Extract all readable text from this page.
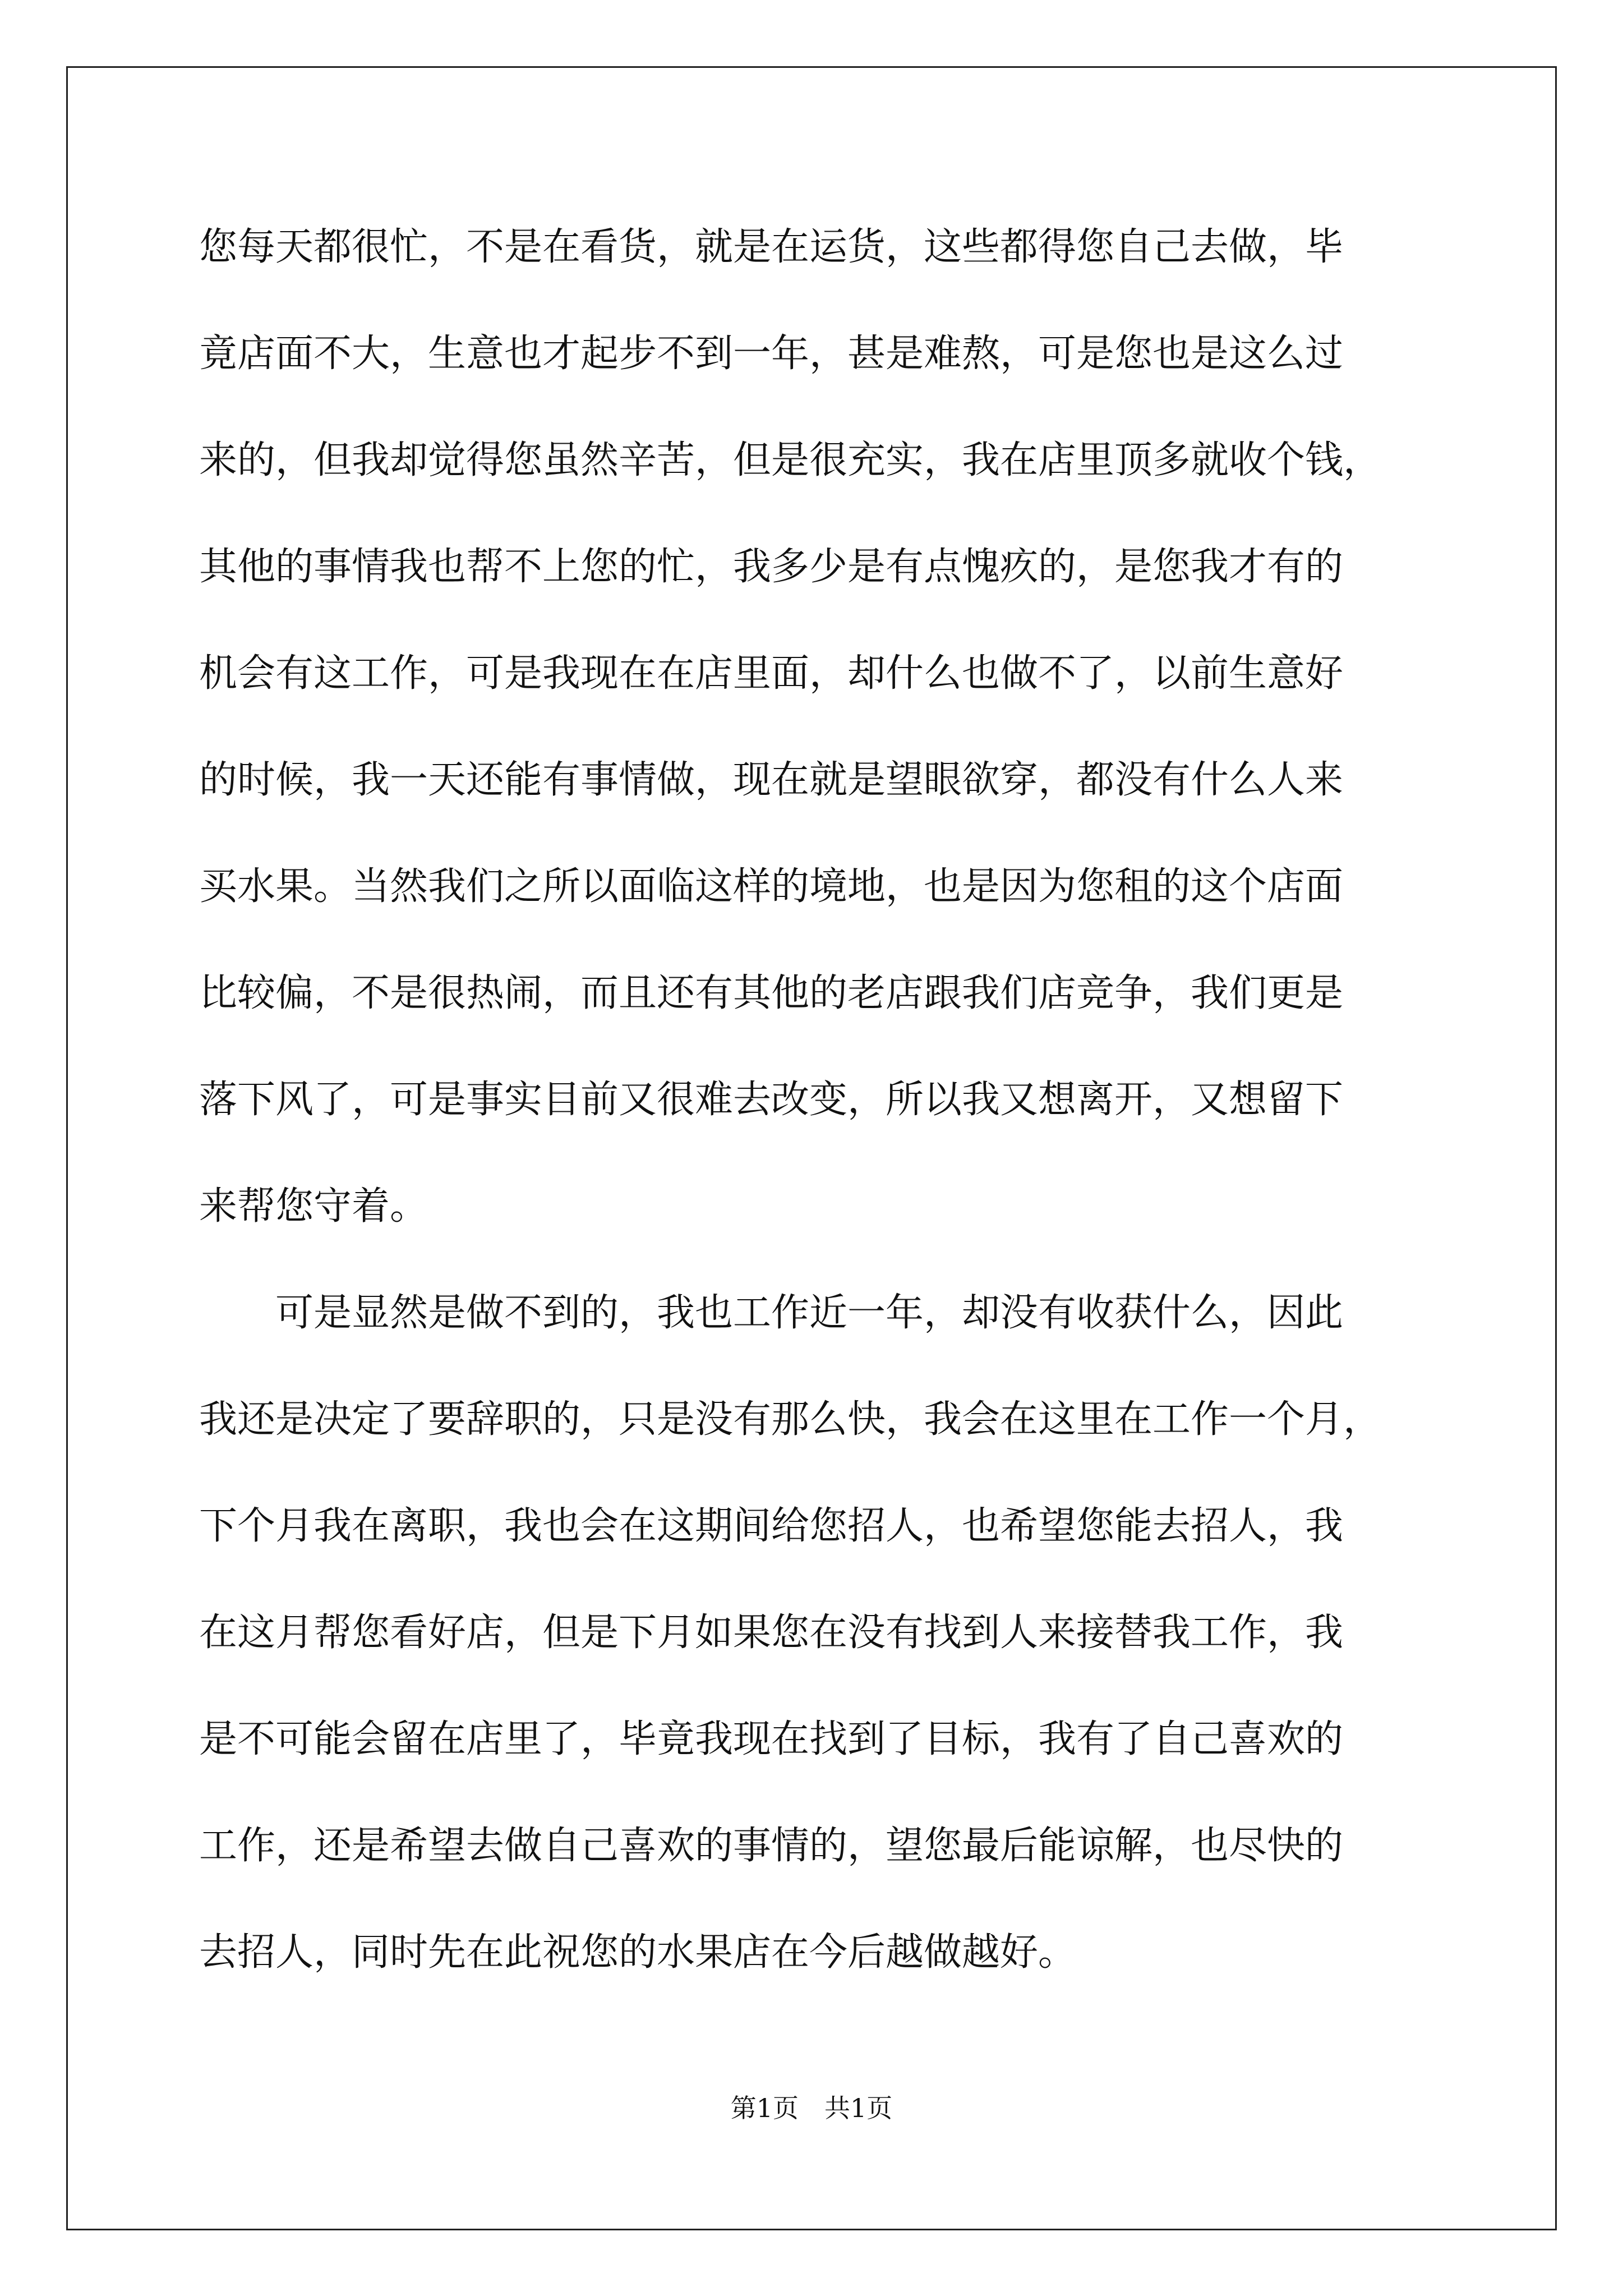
您每天都很忙，不是在看货，就是在运货，这些都得您自己去做，毕
竟店面不大，生意也才起步不到一年，甚是难熬，可是您也是这么过
来的，但我却觉得您虽然辛苦，但是很充实，我在店里顶多就收个钱，
其他的事情我也帮不上您的忙，我多少是有点愧疚的，是您我才有的
机会有这工作，可是我现在在店里面，却什么也做不了，以前生意好
的时候，我一天还能有事情做，现在就是望眼欲穿，都没有什么人来
买水果。当然我们之所以面临这样的境地，也是因为您租的这个店面
比较偏，不是很热闹，而且还有其他的老店跟我们店竞争，我们更是
落下风了，可是事实目前又很难去改变，所以我又想离开，又想留下
来帮您守着。
　　可是显然是做不到的，我也工作近一年，却没有收获什么，因此
我还是决定了要辞职的，只是没有那么快，我会在这里在工作一个月，
下个月我在离职，我也会在这期间给您招人，也希望您能去招人，我
在这月帮您看好店，但是下月如果您在没有找到人来接替我工作，我
是不可能会留在店里了，毕竟我现在找到了目标，我有了自己喜欢的
工作，还是希望去做自己喜欢的事情的，望您最后能谅解，也尽快的
去招人，同时先在此祝您的水果店在今后越做越好。
第1页　共1页
